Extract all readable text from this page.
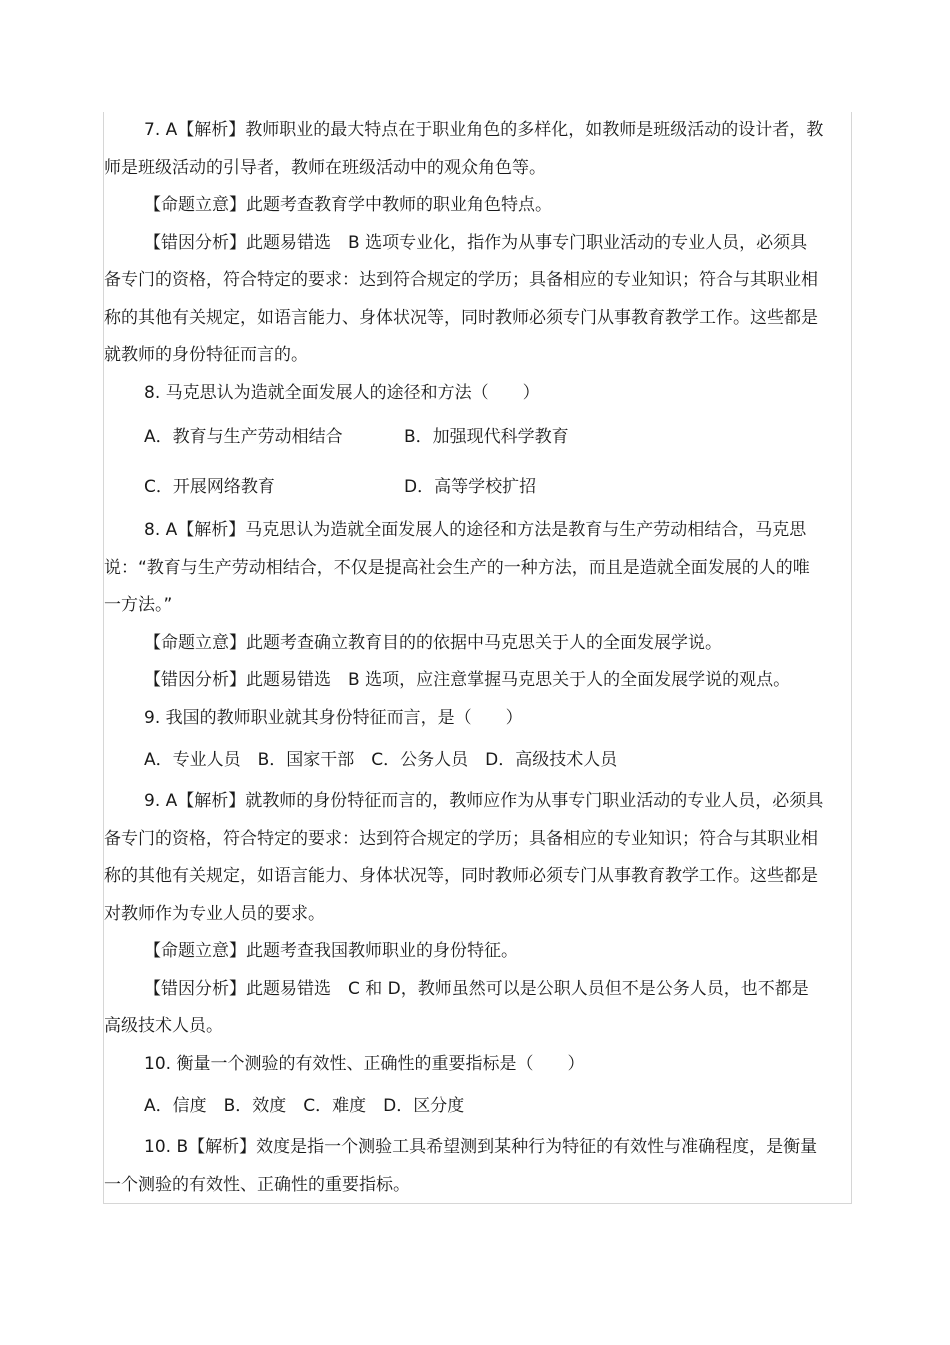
7. A【解析】教师职业的最大特点在于职业角色的多样化，如教师是班级活动的设计者，教师是班级活动的引导者，教师在班级活动中的观众角色等。

【命题立意】此题考查教育学中教师的职业角色特点。

【错因分析】此题易错选　B 选项专业化，指作为从事专门职业活动的专业人员，必须具备专门的资格，符合特定的要求：达到符合规定的学历；具备相应的专业知识；符合与其职业相称的其他有关规定，如语言能力、身体状况等，同时教师必须专门从事教育教学工作。这些都是就教师的身份特征而言的。

8. 马克思认为造就全面发展人的途径和方法（　　）

A．教育与生产劳动相结合	B．加强现代科学教育
C．开展网络教育	D．高等学校扩招

8. A【解析】马克思认为造就全面发展人的途径和方法是教育与生产劳动相结合，马克思说：“教育与生产劳动相结合，不仅是提高社会生产的一种方法，而且是造就全面发展的人的唯一方法。”

【命题立意】此题考查确立教育目的的依据中马克思关于人的全面发展学说。

【错因分析】此题易错选　B 选项，应注意掌握马克思关于人的全面发展学说的观点。

9. 我国的教师职业就其身份特征而言，是（　　）

A．专业人员　B．国家干部　C．公务人员　D．高级技术人员

9. A【解析】就教师的身份特征而言的，教师应作为从事专门职业活动的专业人员，必须具备专门的资格，符合特定的要求：达到符合规定的学历；具备相应的专业知识；符合与其职业相称的其他有关规定，如语言能力、身体状况等，同时教师必须专门从事教育教学工作。这些都是对教师作为专业人员的要求。

【命题立意】此题考查我国教师职业的身份特征。

【错因分析】此题易错选　C 和 D，教师虽然可以是公职人员但不是公务人员，也不都是高级技术人员。

10. 衡量一个测验的有效性、正确性的重要指标是（　　）

A．信度　B．效度　C．难度　D．区分度

10. B【解析】效度是指一个测验工具希望测到某种行为特征的有效性与准确程度，是衡量一个测验的有效性、正确性的重要指标。
